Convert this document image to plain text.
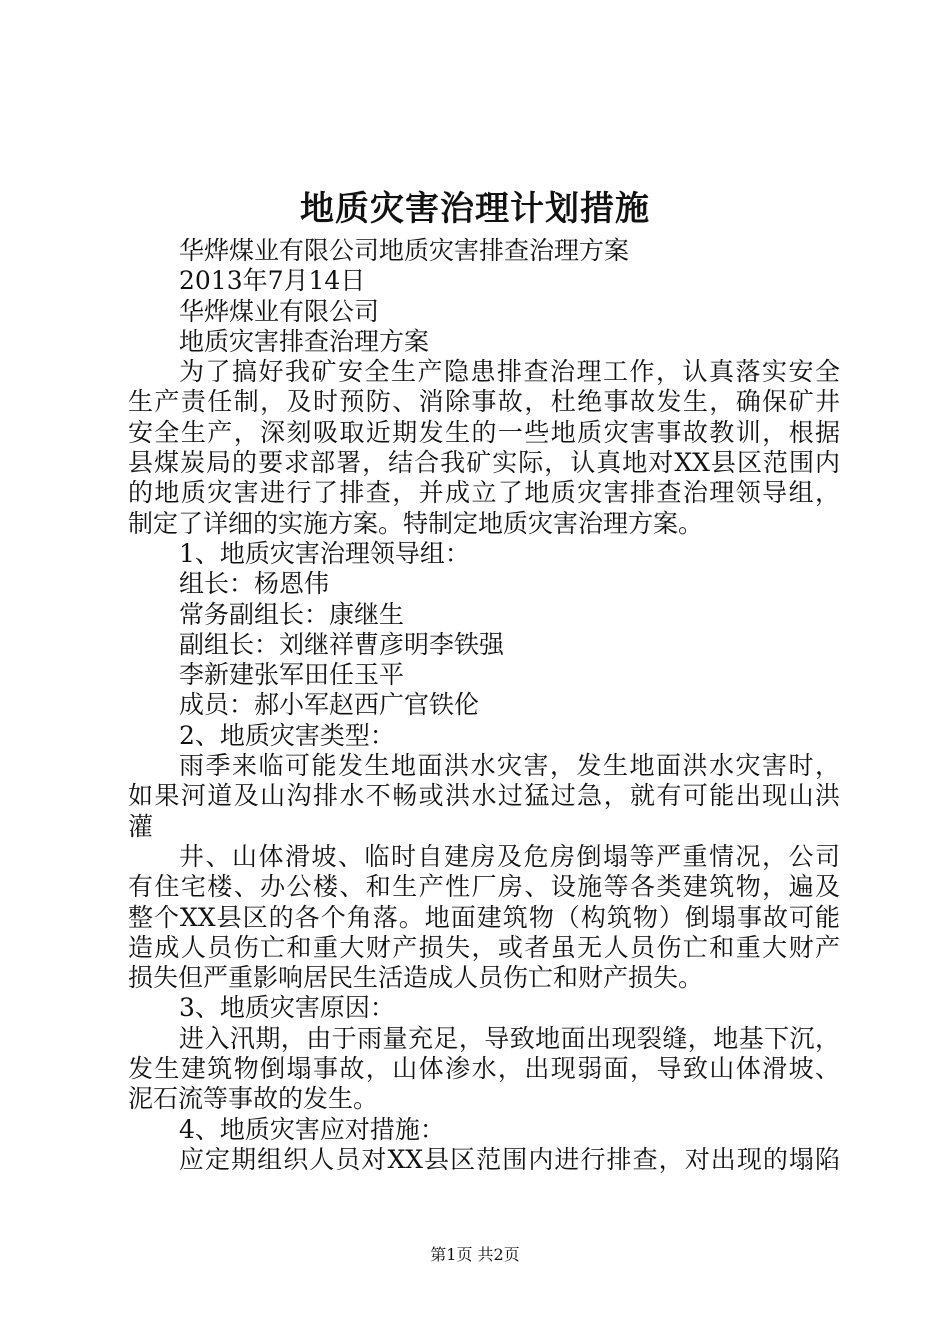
地质灾害治理计划措施

华烨煤业有限公司地质灾害排查治理方案

2013年7月14日

华烨煤业有限公司

地质灾害排查治理方案

为了搞好我矿安全生产隐患排查治理工作，认真落实安全

生产责任制，及时预防、消除事故，杜绝事故发生，确保矿井

安全生产，深刻吸取近期发生的一些地质灾害事故教训，根据

县煤炭局的要求部署，结合我矿实际，认真地对XX县区范围内

的地质灾害进行了排查，并成立了地质灾害排查治理领导组，

制定了详细的实施方案。特制定地质灾害治理方案。

1、地质灾害治理领导组：

组长：杨恩伟

常务副组长：康继生

副组长：刘继祥曹彦明李铁强

李新建张军田任玉平

成员：郝小军赵西广官铁伦

2、地质灾害类型：

雨季来临可能发生地面洪水灾害，发生地面洪水灾害时，

如果河道及山沟排水不畅或洪水过猛过急，就有可能出现山洪

灌

井、山体滑坡、临时自建房及危房倒塌等严重情况，公司

有住宅楼、办公楼、和生产性厂房、设施等各类建筑物，遍及

整个XX县区的各个角落。地面建筑物（构筑物）倒塌事故可能

造成人员伤亡和重大财产损失，或者虽无人员伤亡和重大财产

损失但严重影响居民生活造成人员伤亡和财产损失。

3、地质灾害原因：

进入汛期，由于雨量充足，导致地面出现裂缝，地基下沉，

发生建筑物倒塌事故，山体渗水，出现弱面，导致山体滑坡、

泥石流等事故的发生。

4、地质灾害应对措施：

应定期组织人员对XX县区范围内进行排查，对出现的塌陷

第1页 共2页
